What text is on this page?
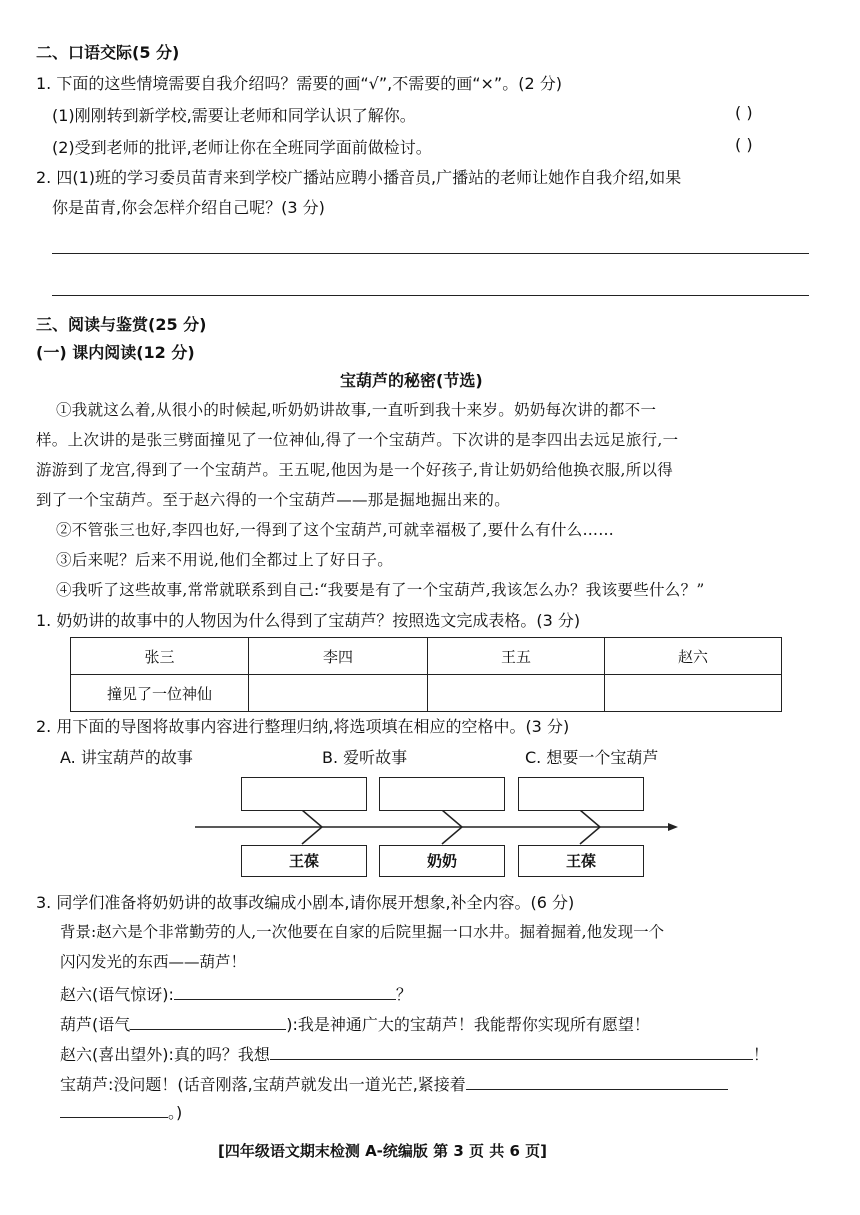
二、口语交际(5 分)
1. 下面的这些情境需要自我介绍吗？需要的画“√”,不需要的画“×”。(2 分)
(1)刚刚转到新学校,需要让老师和同学认识了解你。	( )
(2)受到老师的批评,老师让你在全班同学面前做检讨。	( )
2. 四(1)班的学习委员苗青来到学校广播站应聘小播音员,广播站的老师让她作自我介绍,如果
你是苗青,你会怎样介绍自己呢？(3 分)
三、阅读与鉴赏(25 分)
(一) 课内阅读(12 分)
宝葫芦的秘密(节选)
①我就这么着,从很小的时候起,听奶奶讲故事,一直听到我十来岁。奶奶每次讲的都不一
样。上次讲的是张三劈面撞见了一位神仙,得了一个宝葫芦。下次讲的是李四出去远足旅行,一
游游到了龙宫,得到了一个宝葫芦。王五呢,他因为是一个好孩子,肯让奶奶给他换衣服,所以得
到了一个宝葫芦。至于赵六得的一个宝葫芦——那是掘地掘出来的。
②不管张三也好,李四也好,一得到了这个宝葫芦,可就幸福极了,要什么有什么……
③后来呢？后来不用说,他们全都过上了好日子。
④我听了这些故事,常常就联系到自己:“我要是有了一个宝葫芦,我该怎么办？我该要些什么？”
1. 奶奶讲的故事中的人物因为什么得到了宝葫芦？按照选文完成表格。(3 分)
张三	李四	王五	赵六
撞见了一位神仙			
2. 用下面的导图将故事内容进行整理归纳,将选项填在相应的空格中。(3 分)
A. 讲宝葫芦的故事	B. 爱听故事	C. 想要一个宝葫芦
王葆	奶奶	王葆
3. 同学们准备将奶奶讲的故事改编成小剧本,请你展开想象,补全内容。(6 分)
背景:赵六是个非常勤劳的人,一次他要在自家的后院里掘一口水井。掘着掘着,他发现一个
闪闪发光的东西——葫芦！
赵六(语气惊讶):	？
葫芦(语气	):我是神通广大的宝葫芦！我能帮你实现所有愿望！
赵六(喜出望外):真的吗？我想	！
宝葫芦:没问题！(话音刚落,宝葫芦就发出一道光芒,紧接着
。)
[四年级语文期末检测 A-统编版 第 3 页 共 6 页]
